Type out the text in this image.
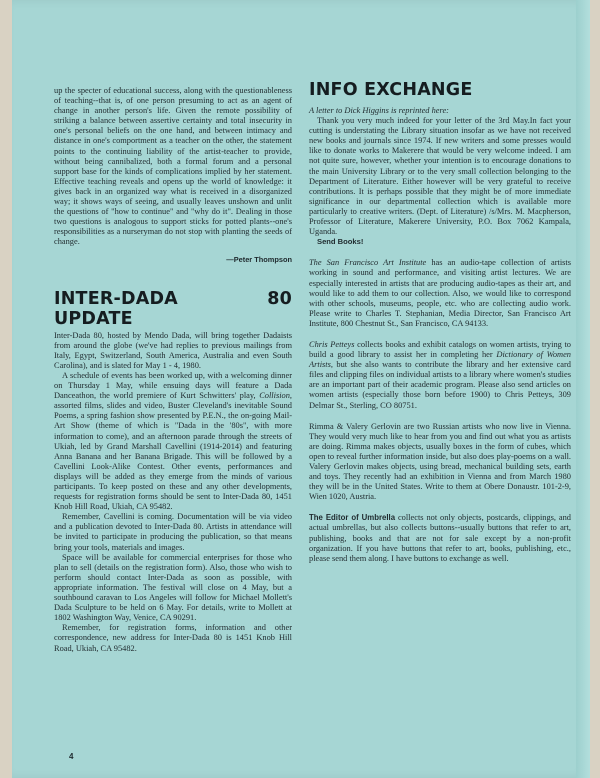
up the specter of educational success, along with the questionableness of teaching--that is, of one person presuming to act as an agent of change in another person's life. Given the remote possibility of striking a balance between assertive certainty and total insecurity in one's personal beliefs on the one hand, and between intimacy and distance in one's comportment as a teacher on the other, the statement points to the continuing liability of the artist-teacher to provide, without being cannibalized, both a formal forum and a personal support base for the kinds of complications implied by her statement. Effective teaching reveals and opens up the world of knowledge: it gives back in an organized way what is received in a disorganized way; it shows ways of seeing, and usually leaves unshown and unlit the questions of "how to continue" and "why do it". Dealing in those two questions is analogous to support sticks for potted plants--one's responsibilities as a nurseryman do not stop with planting the seeds of change.

—Peter Thompson
INTER-DADA 80 UPDATE

Inter-Dada 80, hosted by Mendo Dada, will bring together Dadaists from around the globe (we've had replies to previous mailings from Italy, Egypt, Switzerland, South America, Australia and even South Carolina), and is slated for May 1 - 4, 1980.

A schedule of events has been worked up, with a welcoming dinner on Thursday 1 May, while ensuing days will feature a Dada Danceathon, the world premiere of Kurt Schwitters' play, Collision, assorted films, slides and video, Buster Cleveland's inevitable Sound Poems, a spring fashion show presented by P.E.N., the on-going Mail-Art Show (theme of which is "Dada in the '80s", with more information to come), and an afternoon parade through the streets of Ukiah, led by Grand Marshall Cavellini (1914-2014) and featuring Anna Banana and her Banana Brigade. This will be followed by a Cavellini Look-Alike Contest. Other events, performances and displays will be added as they emerge from the minds of various participants. To keep posted on these and any other developments, requests for registration forms should be sent to Inter-Dada 80, 1451 Knob Hill Road, Ukiah, CA 95482.

Remember, Cavellini is coming. Documentation will be via video and a publication devoted to Inter-Dada 80. Artists in attendance will be invited to participate in producing the publication, so that means bring your tools, materials and images.

Space will be available for commercial enterprises for those who plan to sell (details on the registration form). Also, those who wish to perform should contact Inter-Dada as soon as possible, with appropriate information. The festival will close on 4 May, but a southbound caravan to Los Angeles will follow for Michael Mollett's Dada Sculpture to be held on 6 May. For details, write to Mollett at 1802 Washington Way, Venice, CA 90291.

Remember, for registration forms, information and other correspondence, new address for Inter-Dada 80 is 1451 Knob Hill Road, Ukiah, CA 95482.

INFO EXCHANGE

A letter to Dick Higgins is reprinted here:

Thank you very much indeed for your letter of the 3rd May.In fact your cutting is understating the Library situation insofar as we have not received new books and journals since 1974. If new writers and some presses would like to donate works to Makerere that would be very welcome indeed. I am not quite sure, however, whether your intention is to encourage donations to the main University Library or to the very small collection belonging to the Department of Literature. Either however will be very grateful to receive contributions. It is perhaps possible that they might be of more immediate significance in our departmental collection which is available more particularly to creative writers. (Dept. of Literature) /s/Mrs. M. Macpherson, Professor of Literature, Makerere University, P.O. Box 7062 Kampala, Uganda.

Send Books!

The San Francisco Art Institute has an audio-tape collection of artists working in sound and performance, and visiting artist lectures. We are especially interested in artists that are producing audio-tapes as their art, and would like to add them to our collection. Also, we would like to correspond with other schools, museums, people, etc. who are collecting audio work. Please write to Charles T. Stephanian, Media Director, San Francisco Art Institute, 800 Chestnut St., San Francisco, CA 94133.

Chris Petteys collects books and exhibit catalogs on women artists, trying to build a good library to assist her in completing her Dictionary of Women Artists, but she also wants to contribute the library and her extensive card files and clipping files on individual artists to a library where women's studies are an important part of their academic program. Please also send articles on women artists (especially those born before 1900) to Chris Petteys, 309 Delmar St., Sterling, CO 80751.

Rimma & Valery Gerlovin are two Russian artists who now live in Vienna. They would very much like to hear from you and find out what you as artists are doing. Rimma makes objects, usually boxes in the form of cubes, which open to reveal further information inside, but also does play-poems on a wall. Valery Gerlovin makes objects, using bread, mechanical building sets, earth and toys. They recently had an exhibition in Vienna and from March 1980 they will be in the United States. Write to them at Obere Donaustr. 101-2-9, Wien 1020, Austria.

The Editor of Umbrella collects not only objects, postcards, clippings, and actual umbrellas, but also collects buttons--usually buttons that refer to art, publishing, books and that are not for sale except by a non-profit organization. If you have buttons that refer to art, books, publishing, etc., please send them along. I have buttons to exchange as well.

4
